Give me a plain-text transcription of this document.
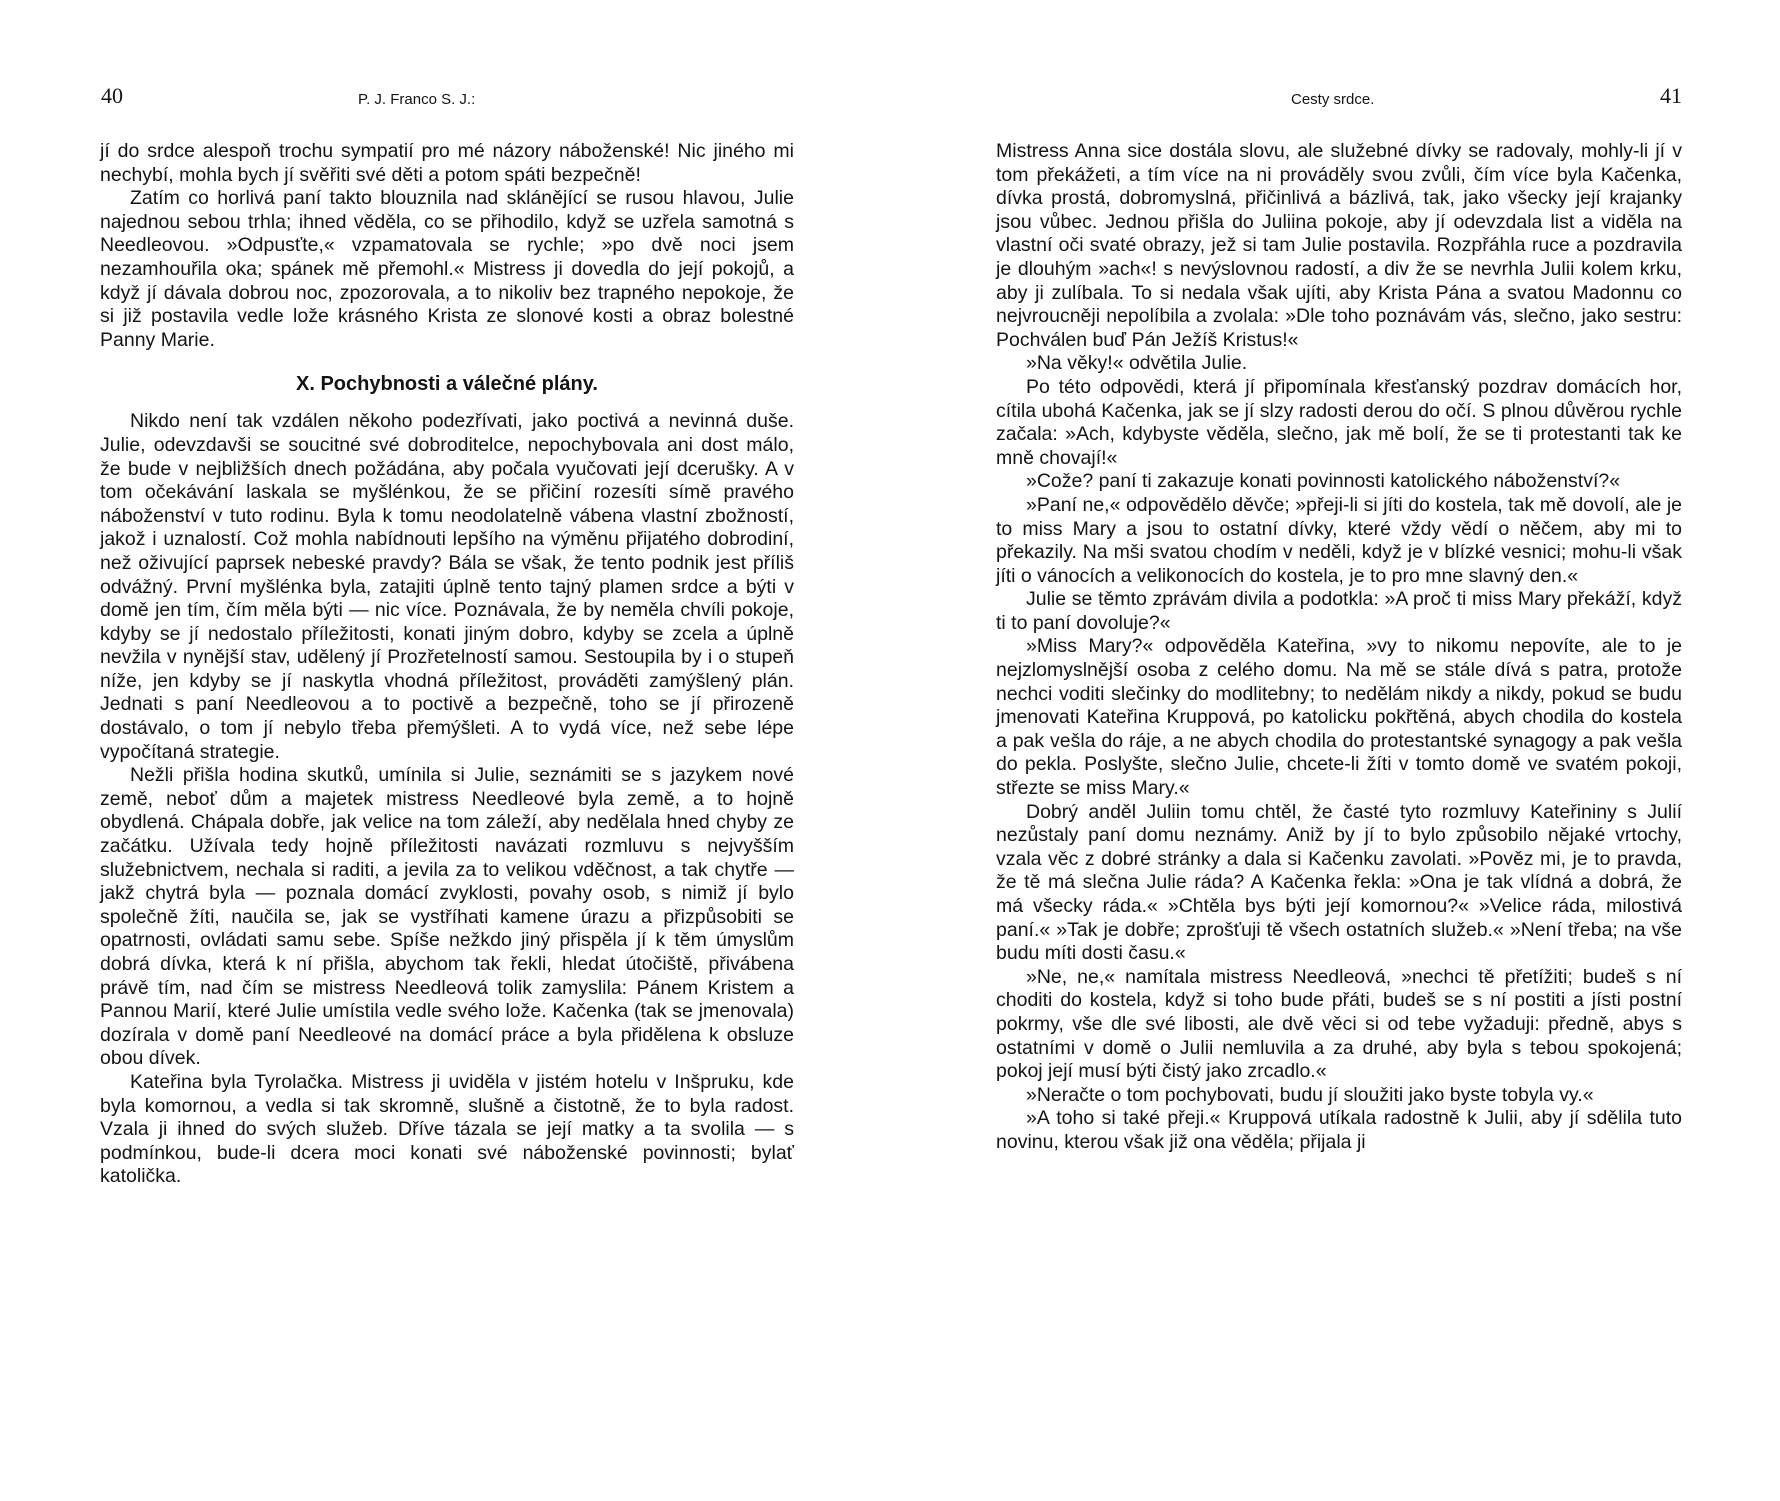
40	P. J. Franco S. J.:

jí do srdce alespoň trochu sympatií pro mé názory náboženské! Nic jiného mi nechybí, mohla bych jí svěřiti své děti a potom spáti bezpečně!

Zatím co horlivá paní takto blouznila nad sklánějící se rusou hlavou, Julie najednou sebou trhla; ihned věděla, co se přihodilo, když se uzřela samotná s Needleovou. »Odpusťte,« vzpamatovala se rychle; »po dvě noci jsem nezamhouřila oka; spánek mě přemohl.« Mistress ji dovedla do její pokojů, a když jí dávala dobrou noc, zpozorovala, a to nikoliv bez trapného nepokoje, že si již postavila vedle lože krásného Krista ze slonové kosti a obraz bolestné Panny Marie.

X. Pochybnosti a válečné plány.

Nikdo není tak vzdálen někoho podezřívati, jako poctivá a nevinná duše. Julie, odevzdavši se soucitné své dobroditelce, nepochybovala ani dost málo, že bude v nejbližších dnech požádána, aby počala vyučovati její dcerušky. A v tom očekávání laskala se myšlénkou, že se přičiní rozesíti símě pravého náboženství v tuto rodinu. Byla k tomu neodolatelně vábena vlastní zbožností, jakož i uznalostí. Což mohla nabídnouti lepšího na výměnu přijatého dobrodiní, než oživující paprsek nebeské pravdy? Bála se však, že tento podnik jest příliš odvážný. První myšlénka byla, zatajiti úplně tento tajný plamen srdce a býti v domě jen tím, čím měla býti — nic více. Poznávala, že by neměla chvíli pokoje, kdyby se jí nedostalo příležitosti, konati jiným dobro, kdyby se zcela a úplně nevžila v nynější stav, udělený jí Prozřetelností samou. Sestoupila by i o stupeň níže, jen kdyby se jí naskytla vhodná příležitost, prováděti zamýšlený plán. Jednati s paní Needleovou a to poctivě a bezpečně, toho se jí přirozeně dostávalo, o tom jí nebylo třeba přemýšleti. A to vydá více, než sebe lépe vypočítaná strategie.

Nežli přišla hodina skutků, umínila si Julie, seznámiti se s jazykem nové země, neboť dům a majetek mistress Needleové byla země, a to hojně obydlená. Chápala dobře, jak velice na tom záleží, aby nedělala hned chyby ze začátku. Užívala tedy hojně příležitosti navázati rozmluvu s nejvyšším služebnictvem, nechala si raditi, a jevila za to velikou vděčnost, a tak chytře — jakž chytrá byla — poznala domácí zvyklosti, povahy osob, s nimiž jí bylo společně žíti, naučila se, jak se vystříhati kamene úrazu a přizpůsobiti se opatrnosti, ovládati samu sebe. Spíše nežkdo jiný přispěla jí k těm úmyslům dobrá dívka, která k ní přišla, abychom tak řekli, hledat útočiště, přivábena právě tím, nad čím se mistress Needleová tolik zamyslila: Pánem Kristem a Pannou Marií, které Julie umístila vedle svého lože. Kačenka (tak se jmenovala) dozírala v domě paní Needleové na domácí práce a byla přidělena k obsluze obou dívek.

Kateřina byla Tyrolačka. Mistress ji uviděla v jistém hotelu v Inšpruku, kde byla komornou, a vedla si tak skromně, slušně a čistotně, že to byla radost. Vzala ji ihned do svých služeb. Dříve tázala se její matky a ta svolila — s podmínkou, bude-li dcera moci konati své náboženské povinnosti; bylať katolička.

Cesty srdce.	41

Mistress Anna sice dostála slovu, ale služebné dívky se radovaly, mohly-li jí v tom překážeti, a tím více na ni prováděly svou zvůli, čím více byla Kačenka, dívka prostá, dobromyslná, přičinlivá a bázlivá, tak, jako všecky její krajanky jsou vůbec. Jednou přišla do Juliina pokoje, aby jí odevzdala list a viděla na vlastní oči svaté obrazy, jež si tam Julie postavila. Rozpřáhla ruce a pozdravila je dlouhým »ach«! s nevýslovnou radostí, a div že se nevrhla Julii kolem krku, aby ji zulíbala. To si nedala však ujíti, aby Krista Pána a svatou Madonnu co nejvroucněji nepolíbila a zvolala: »Dle toho poznávám vás, slečno, jako sestru: Pochválen buď Pán Ježíš Kristus!«

»Na věky!« odvětila Julie.

Po této odpovědi, která jí připomínala křesťanský pozdrav domácích hor, cítila ubohá Kačenka, jak se jí slzy radosti derou do očí. S plnou důvěrou rychle začala: »Ach, kdybyste věděla, slečno, jak mě bolí, že se ti protestanti tak ke mně chovají!«

»Cože? paní ti zakazuje konati povinnosti katolického náboženství?«

»Paní ne,« odpovědělo děvče; »přeji-li si jíti do kostela, tak mě dovolí, ale je to miss Mary a jsou to ostatní dívky, které vždy vědí o něčem, aby mi to překazily. Na mši svatou chodím v neděli, když je v blízké vesnici; mohu-li však jíti o vánocích a velikonocích do kostela, je to pro mne slavný den.«

Julie se těmto zprávám divila a podotkla: »A proč ti miss Mary překáží, když ti to paní dovoluje?«

»Miss Mary?« odpověděla Kateřina, »vy to nikomu nepovíte, ale to je nejzlomyslnější osoba z celého domu. Na mě se stále dívá s patra, protože nechci voditi slečinky do modlitebny; to nedělám nikdy a nikdy, pokud se budu jmenovati Kateřina Kruppová, po katolicku pokřtěná, abych chodila do kostela a pak vešla do ráje, a ne abych chodila do protestantské synagogy a pak vešla do pekla. Poslyšte, slečno Julie, chcete-li žíti v tomto domě ve svatém pokoji, střezte se miss Mary.«

Dobrý anděl Juliin tomu chtěl, že časté tyto rozmluvy Kateřininy s Julií nezůstaly paní domu neznámy. Aniž by jí to bylo způsobilo nějaké vrtochy, vzala věc z dobré stránky a dala si Kačenku zavolati. »Pověz mi, je to pravda, že tě má slečna Julie ráda? A Kačenka řekla: »Ona je tak vlídná a dobrá, že má všecky ráda.« »Chtěla bys býti její komornou?« »Velice ráda, milostivá paní.« »Tak je dobře; zprošťuji tě všech ostatních služeb.« »Není třeba; na vše budu míti dosti času.«

»Ne, ne,« namítala mistress Needleová, »nechci tě přetížiti; budeš s ní choditi do kostela, když si toho bude přáti, budeš se s ní postiti a jísti postní pokrmy, vše dle své libosti, ale dvě věci si od tebe vyžaduji: předně, abys s ostatními v domě o Julii nemluvila a za druhé, aby byla s tebou spokojená; pokoj její musí býti čistý jako zrcadlo.«

»Neračte o tom pochybovati, budu jí sloužiti jako byste tobyla vy.«

»A toho si také přeji.« Kruppová utíkala radostně k Julii, aby jí sdělila tuto novinu, kterou však již ona věděla; přijala ji
